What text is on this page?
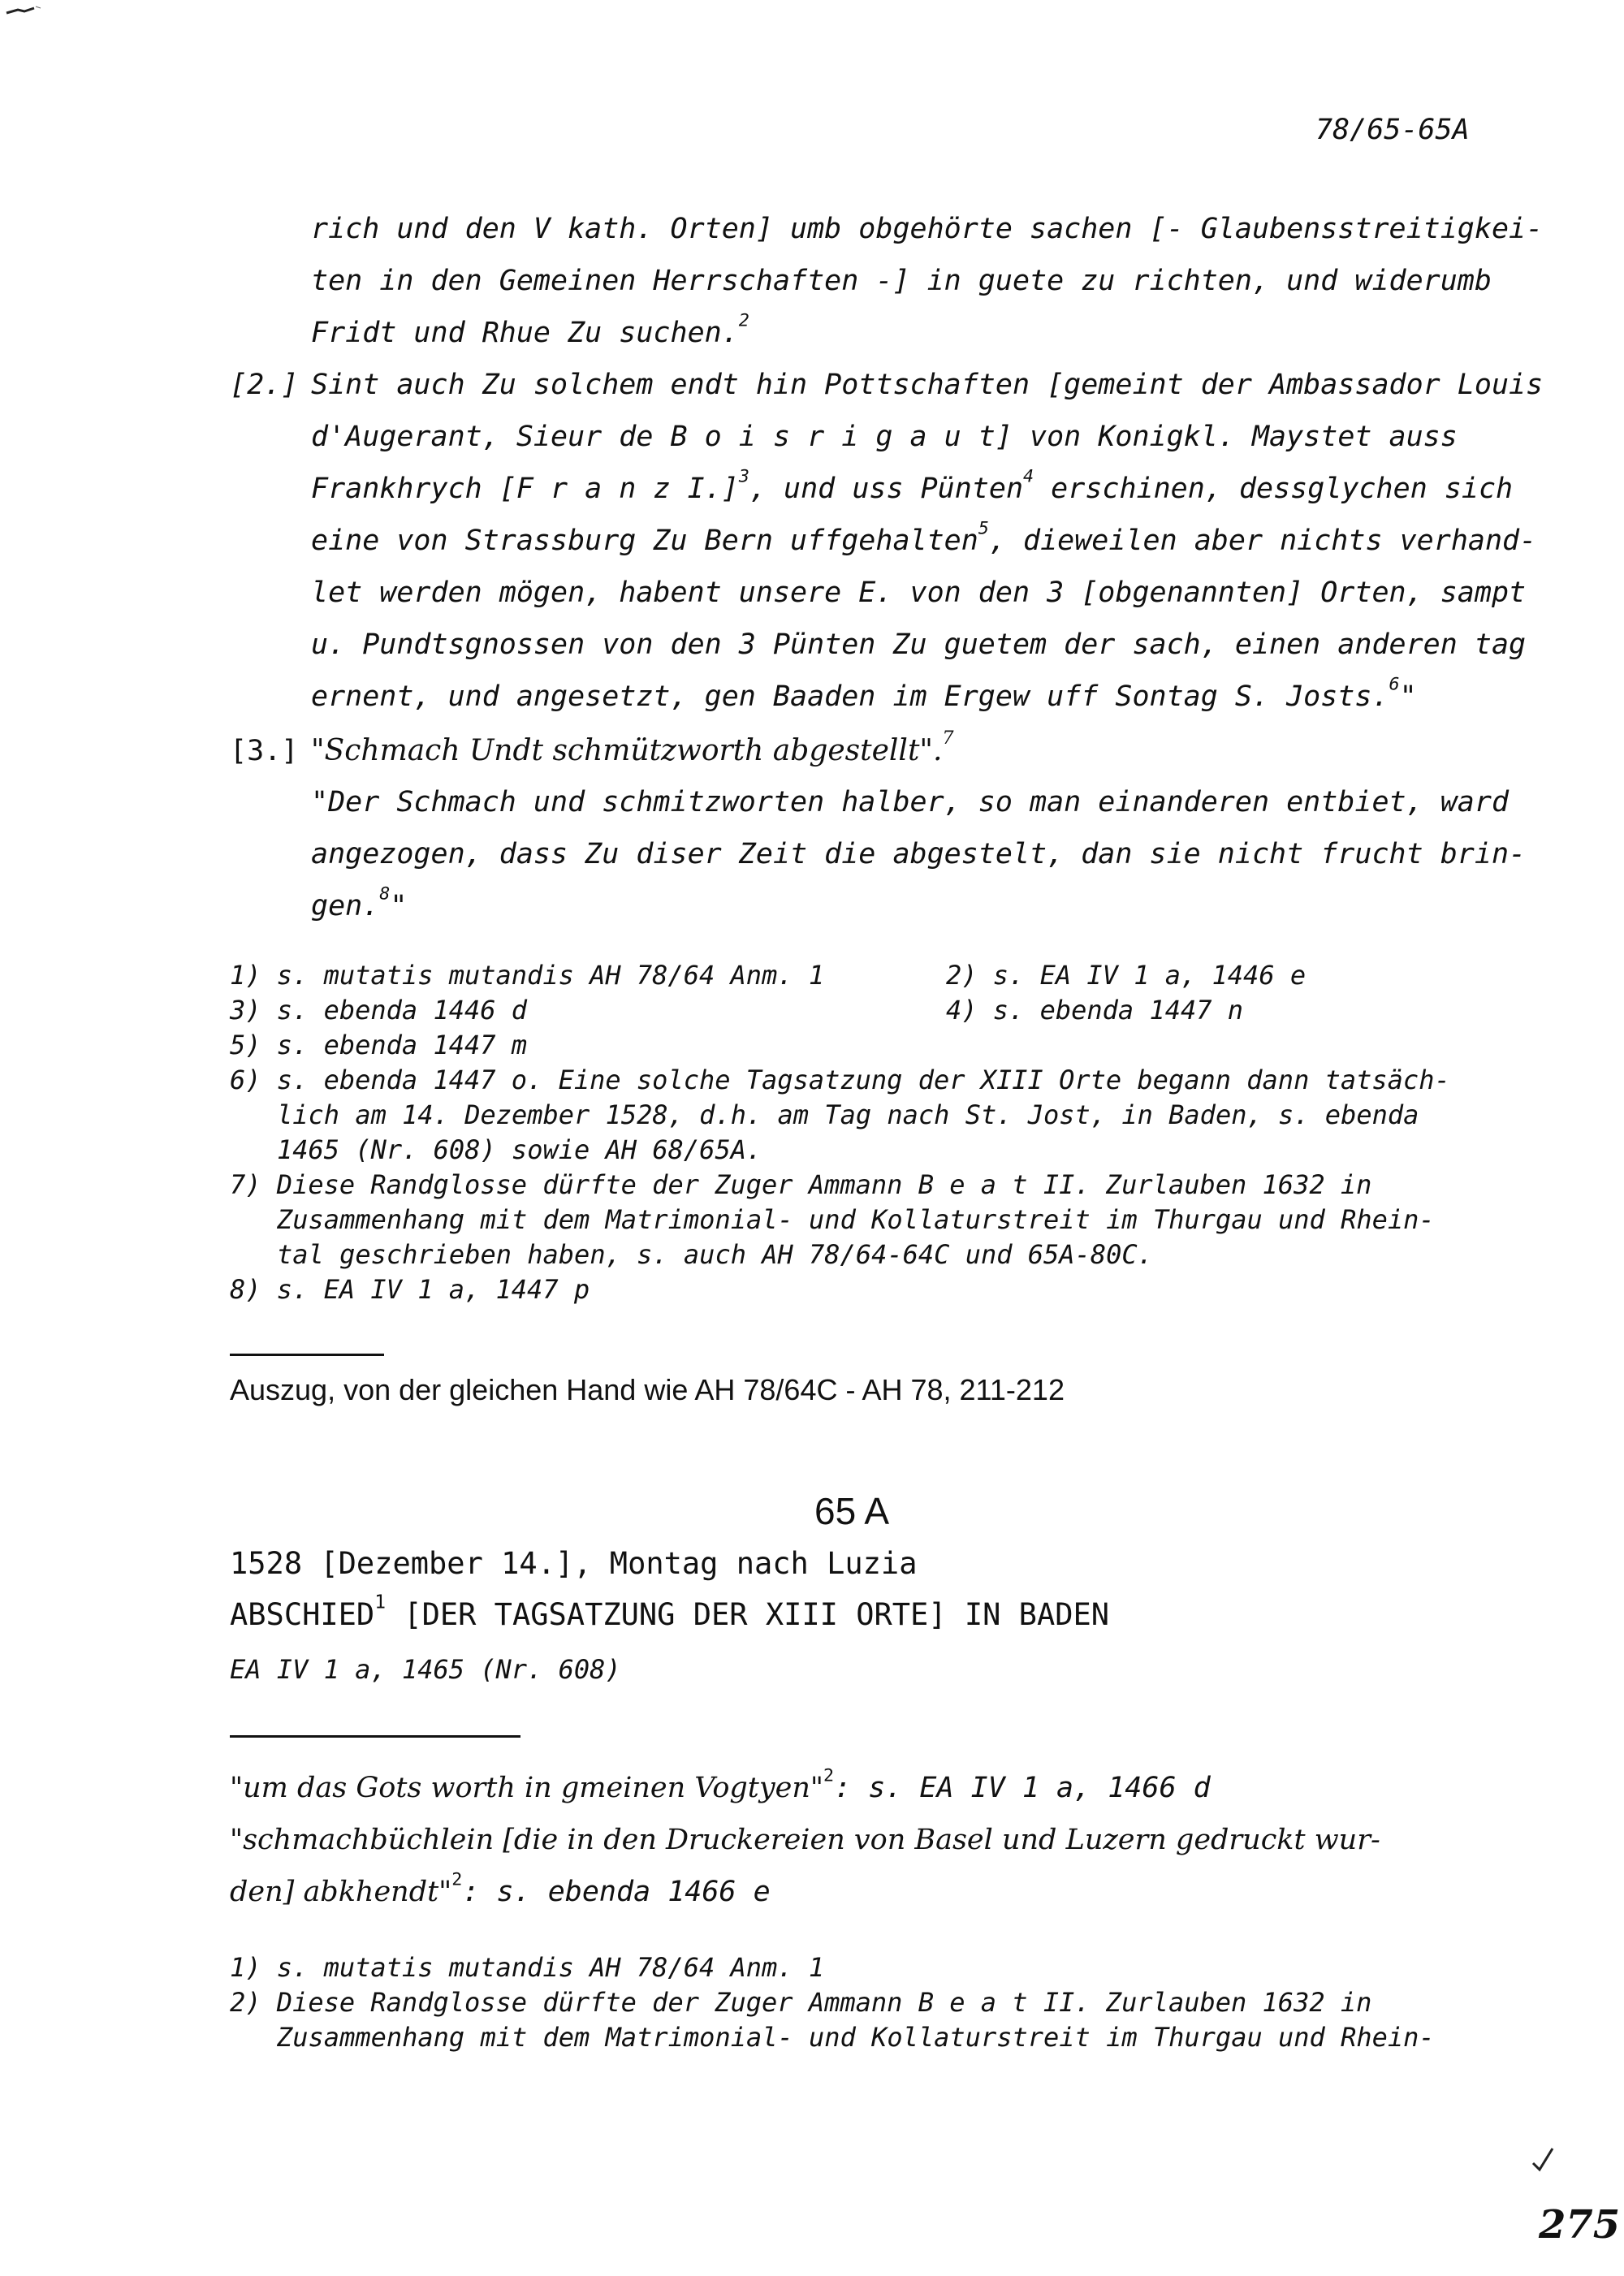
78/65-65A
rich und den V kath. Orten] umb obgehörte sachen [- Glaubensstreitigkei-
ten in den Gemeinen Herrschaften -] in guete zu richten, und widerumb
Fridt und Rhue Zu suchen.$^2$
[2.] Sint auch Zu solchem endt hin Pottschaften [gemeint der Ambassador Louis
d'Augerant, Sieur de B o i s r i g a u t] von Konigkl. Maystet auss
Frankhrych [F r a n z I.]$^3$, und uss Pünten$^4$ erschinen, dessglychen sich
eine von Strassburg Zu Bern uffgehalten$^5$, dieweilen aber nichts verhand-
let werden mögen, habent unsere E. von den 3 [obgenannten] Orten, sampt
u. Pundtsgnossen von den 3 Pünten Zu guetem der sach, einen anderen tag
ernent, und angesetzt, gen Baaden im Ergew uff Sontag S. Josts.$^6$"
[3.] "Schmach Undt schmützworth abgestellt".$^7$
"Der Schmach und schmitzworten halber, so man einanderen entbiet, ward
angezogen, dass Zu diser Zeit die abgestelt, dan sie nicht frucht brin-
gen.$^8$"
1) s. mutatis mutandis AH 78/64 Anm. 1	2) s. EA IV 1 a, 1446 e
3) s. ebenda 1446 d	4) s. ebenda 1447 n
5) s. ebenda 1447 m
6) s. ebenda 1447 o. Eine solche Tagsatzung der XIII Orte begann dann tatsäch-
lich am 14. Dezember 1528, d.h. am Tag nach St. Jost, in Baden, s. ebenda
1465 (Nr. 608) sowie AH 68/65A.
7) Diese Randglosse dürfte der Zuger Ammann B e a t II. Zurlauben 1632 in
Zusammenhang mit dem Matrimonial- und Kollaturstreit im Thurgau und Rhein-
tal geschrieben haben, s. auch AH 78/64-64C und 65A-80C.
8) s. EA IV 1 a, 1447 p
Auszug, von der gleichen Hand wie AH 78/64C - AH 78, 211-212
65 A
1528 [Dezember 14.], Montag nach Luzia
ABSCHIED$^1$ [DER TAGSATZUNG DER XIII ORTE] IN BADEN
EA IV 1 a, 1465 (Nr. 608)
"um das Gots worth in gmeinen Vogtyen"$^2$: s. EA IV 1 a, 1466 d
"schmachbüchlein [die in den Druckereien von Basel und Luzern gedruckt wur-
den] abkhendt"$^2$: s. ebenda 1466 e
1) s. mutatis mutandis AH 78/64 Anm. 1
2) Diese Randglosse dürfte der Zuger Ammann B e a t II. Zurlauben 1632 in
Zusammenhang mit dem Matrimonial- und Kollaturstreit im Thurgau und Rhein-
275
